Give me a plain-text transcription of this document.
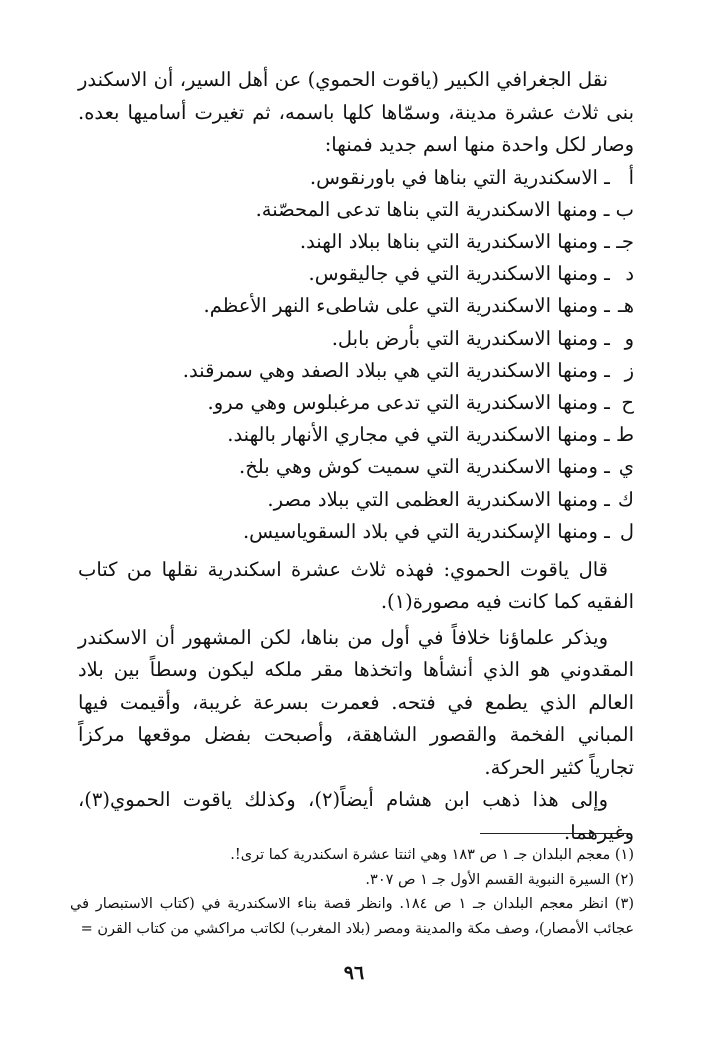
نقل الجغرافي الكبير (ياقوت الحموي) عن أهل السير، أن الاسكندر بنى ثلاث عشرة مدينة، وسمّاها كلها باسمه، ثم تغيرت أساميها بعده. وصار لكل واحدة منها اسم جديد فمنها:

أ ـ الاسكندرية التي بناها في باورنقوس.
ب ـ ومنها الاسكندرية التي بناها تدعى المحصّنة.
جـ ـ ومنها الاسكندرية التي بناها ببلاد الهند.
د ـ ومنها الاسكندرية التي في جاليقوس.
هـ ـ ومنها الاسكندرية التي على شاطىء النهر الأعظم.
و ـ ومنها الاسكندرية التي بأرض بابل.
ز ـ ومنها الاسكندرية التي هي ببلاد الصفد وهي سمرقند.
ح ـ ومنها الاسكندرية التي تدعى مرغبلوس وهي مرو.
ط ـ ومنها الاسكندرية التي في مجاري الأنهار بالهند.
ي ـ ومنها الاسكندرية التي سميت كوش وهي بلخ.
ك ـ ومنها الاسكندرية العظمى التي ببلاد مصر.
ل ـ ومنها الإسكندرية التي في بلاد السقوياسيس.

قال ياقوت الحموي: فهذه ثلاث عشرة اسكندرية نقلها من كتاب الفقيه كما كانت فيه مصورة(١).

ويذكر علماؤنا خلافاً في أول من بناها، لكن المشهور أن الاسكندر المقدوني هو الذي أنشأها واتخذها مقر ملكه ليكون وسطاً بين بلاد العالم الذي يطمع في فتحه. فعمرت بسرعة غريبة، وأقيمت فيها المباني الفخمة والقصور الشاهقة، وأصبحت بفضل موقعها مركزاً تجارياً كثير الحركة.

وإلى هذا ذهب ابن هشام أيضاً(٢)، وكذلك ياقوت الحموي(٣)، وغيرهما.

(١) معجم البلدان جـ ١ ص ١٨٣ وهي اثنتا عشرة اسكندرية كما ترى!.

(٢) السيرة النبوية القسم الأول جـ ١ ص ٣٠٧.

(٣) انظر معجم البلدان جـ ١ ص ١٨٤. وانظر قصة بناء الاسكندرية في (كتاب الاستبصار في عجائب الأمصار)، وصف مكة والمدينة ومصر (بلاد المغرب) لكاتب مراكشي من كتاب القرن =

٩٦
